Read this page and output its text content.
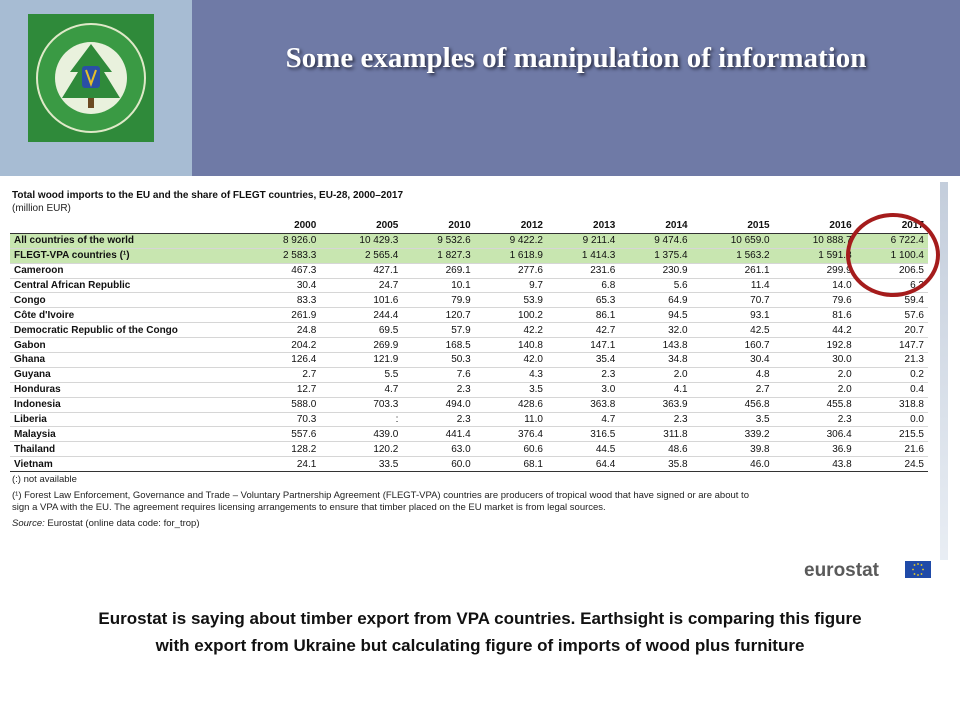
Some examples of manipulation of information
Total wood imports to the EU and the share of FLEGT countries, EU-28, 2000–2017
(million EUR)
	2000	2005	2010	2012	2013	2014	2015	2016	2017
All countries of the world	8 926.0	10 429.3	9 532.6	9 422.2	9 211.4	9 474.6	10 659.0	10 888.7	6 722.4
FLEGT-VPA countries (¹)	2 583.3	2 565.4	1 827.3	1 618.9	1 414.3	1 375.4	1 563.2	1 591.3	1 100.4
Cameroon	467.3	427.1	269.1	277.6	231.6	230.9	261.1	299.9	206.5
Central African Republic	30.4	24.7	10.1	9.7	6.8	5.6	11.4	14.0	6.3
Congo	83.3	101.6	79.9	53.9	65.3	64.9	70.7	79.6	59.4
Côte d'Ivoire	261.9	244.4	120.7	100.2	86.1	94.5	93.1	81.6	57.6
Democratic Republic of the Congo	24.8	69.5	57.9	42.2	42.7	32.0	42.5	44.2	20.7
Gabon	204.2	269.9	168.5	140.8	147.1	143.8	160.7	192.8	147.7
Ghana	126.4	121.9	50.3	42.0	35.4	34.8	30.4	30.0	21.3
Guyana	2.7	5.5	7.6	4.3	2.3	2.0	4.8	2.0	0.2
Honduras	12.7	4.7	2.3	3.5	3.0	4.1	2.7	2.0	0.4
Indonesia	588.0	703.3	494.0	428.6	363.8	363.9	456.8	455.8	318.8
Liberia	70.3	:	2.3	11.0	4.7	2.3	3.5	2.3	0.0
Malaysia	557.6	439.0	441.4	376.4	316.5	311.8	339.2	306.4	215.5
Thailand	128.2	120.2	63.0	60.6	44.5	48.6	39.8	36.9	21.6
Vietnam	24.1	33.5	60.0	68.1	64.4	35.8	46.0	43.8	24.5
(:) not available
(¹) Forest Law Enforcement, Governance and Trade – Voluntary Partnership Agreement (FLEGT-VPA) countries are producers of tropical wood that have signed or are about to sign a VPA with the EU. The agreement requires licensing arrangements to ensure that timber placed on the EU market is from legal sources.
Source: Eurostat (online data code: for_trop)
eurostat
Eurostat is saying about timber export from VPA countries. Earthsight is comparing this figure
with export from Ukraine but calculating figure of imports of wood plus furniture
